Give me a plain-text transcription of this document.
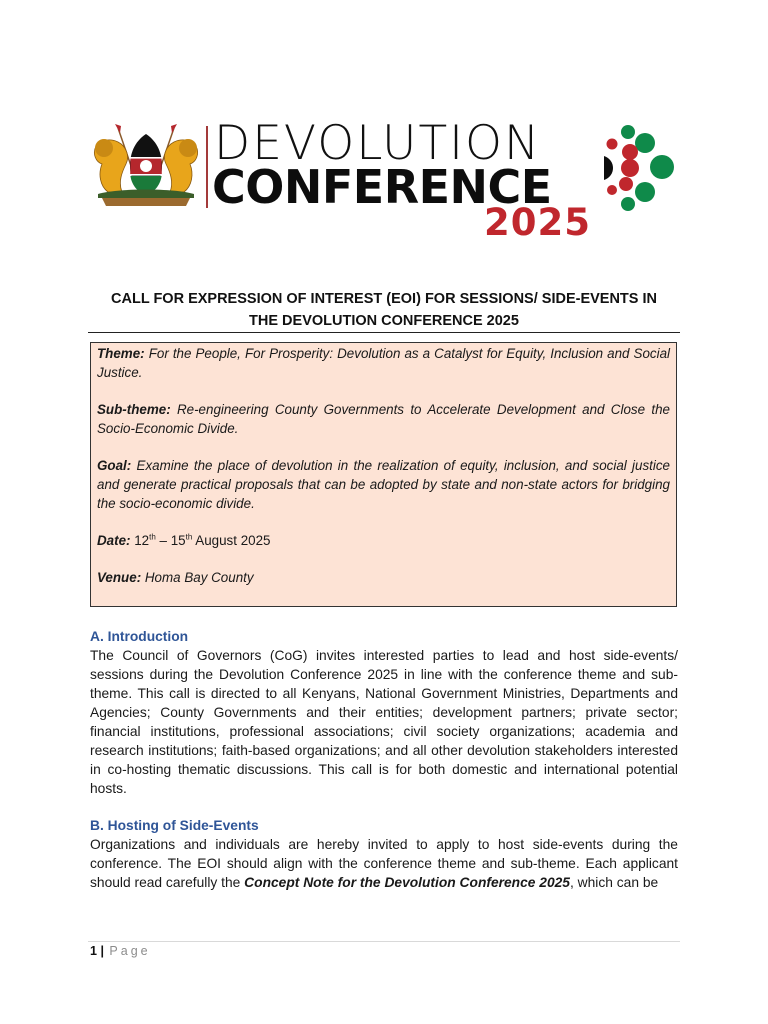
DEVOLUTION
CONFERENCE
2025
CALL FOR EXPRESSION OF INTEREST (EOI) FOR SESSIONS/ SIDE-EVENTS IN
THE DEVOLUTION CONFERENCE 2025

Theme: For the People, For Prosperity: Devolution as a Catalyst for Equity, Inclusion and Social Justice.

Sub-theme: Re-engineering County Governments to Accelerate Development and Close the Socio-Economic Divide.

Goal: Examine the place of devolution in the realization of equity, inclusion, and social justice and generate practical proposals that can be adopted by state and non-state actors for bridging the socio-economic divide.

Date: 12th – 15th August 2025

Venue: Homa Bay County

A. Introduction
The Council of Governors (CoG) invites interested parties to lead and host side-events/ sessions during the Devolution Conference 2025 in line with the conference theme and sub-theme. This call is directed to all Kenyans, National Government Ministries, Departments and Agencies; County Governments and their entities; development partners; private sector; financial institutions, professional associations; civil society organizations; academia and research institutions; faith-based organizations; and all other devolution stakeholders interested in co-hosting thematic discussions. This call is for both domestic and international potential hosts.
B. Hosting of Side-Events
Organizations and individuals are hereby invited to apply to host side-events during the conference. The EOI should align with the conference theme and sub-theme. Each applicant should read carefully the Concept Note for the Devolution Conference 2025, which can be
1 | Page
